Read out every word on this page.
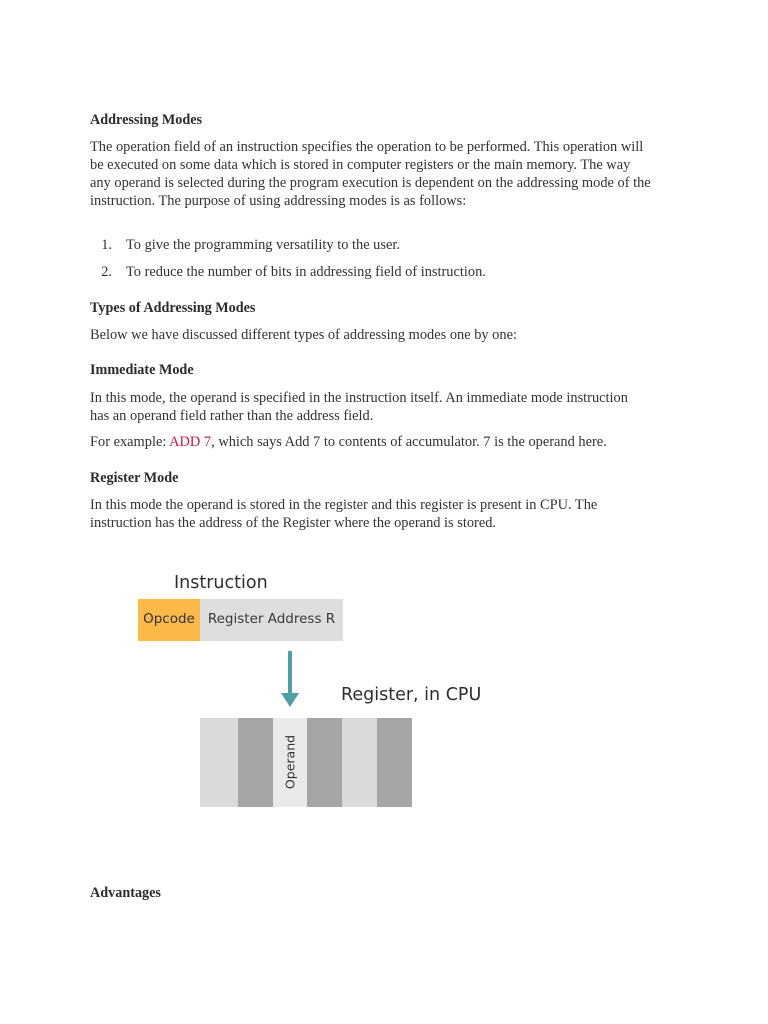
Addressing Modes
The operation field of an instruction specifies the operation to be performed. This operation will
be executed on some data which is stored in computer registers or the main memory. The way
any operand is selected during the program execution is dependent on the addressing mode of the
instruction. The purpose of using addressing modes is as follows:
1. To give the programming versatility to the user.
2. To reduce the number of bits in addressing field of instruction.
Types of Addressing Modes
Below we have discussed different types of addressing modes one by one:
Immediate Mode
In this mode, the operand is specified in the instruction itself. An immediate mode instruction
has an operand field rather than the address field.
For example: ADD 7, which says Add 7 to contents of accumulator. 7 is the operand here.
Register Mode
In this mode the operand is stored in the register and this register is present in CPU. The
instruction has the address of the Register where the operand is stored.
Instruction
Opcode Register Address R
Register, in CPU
Operand
Advantages
